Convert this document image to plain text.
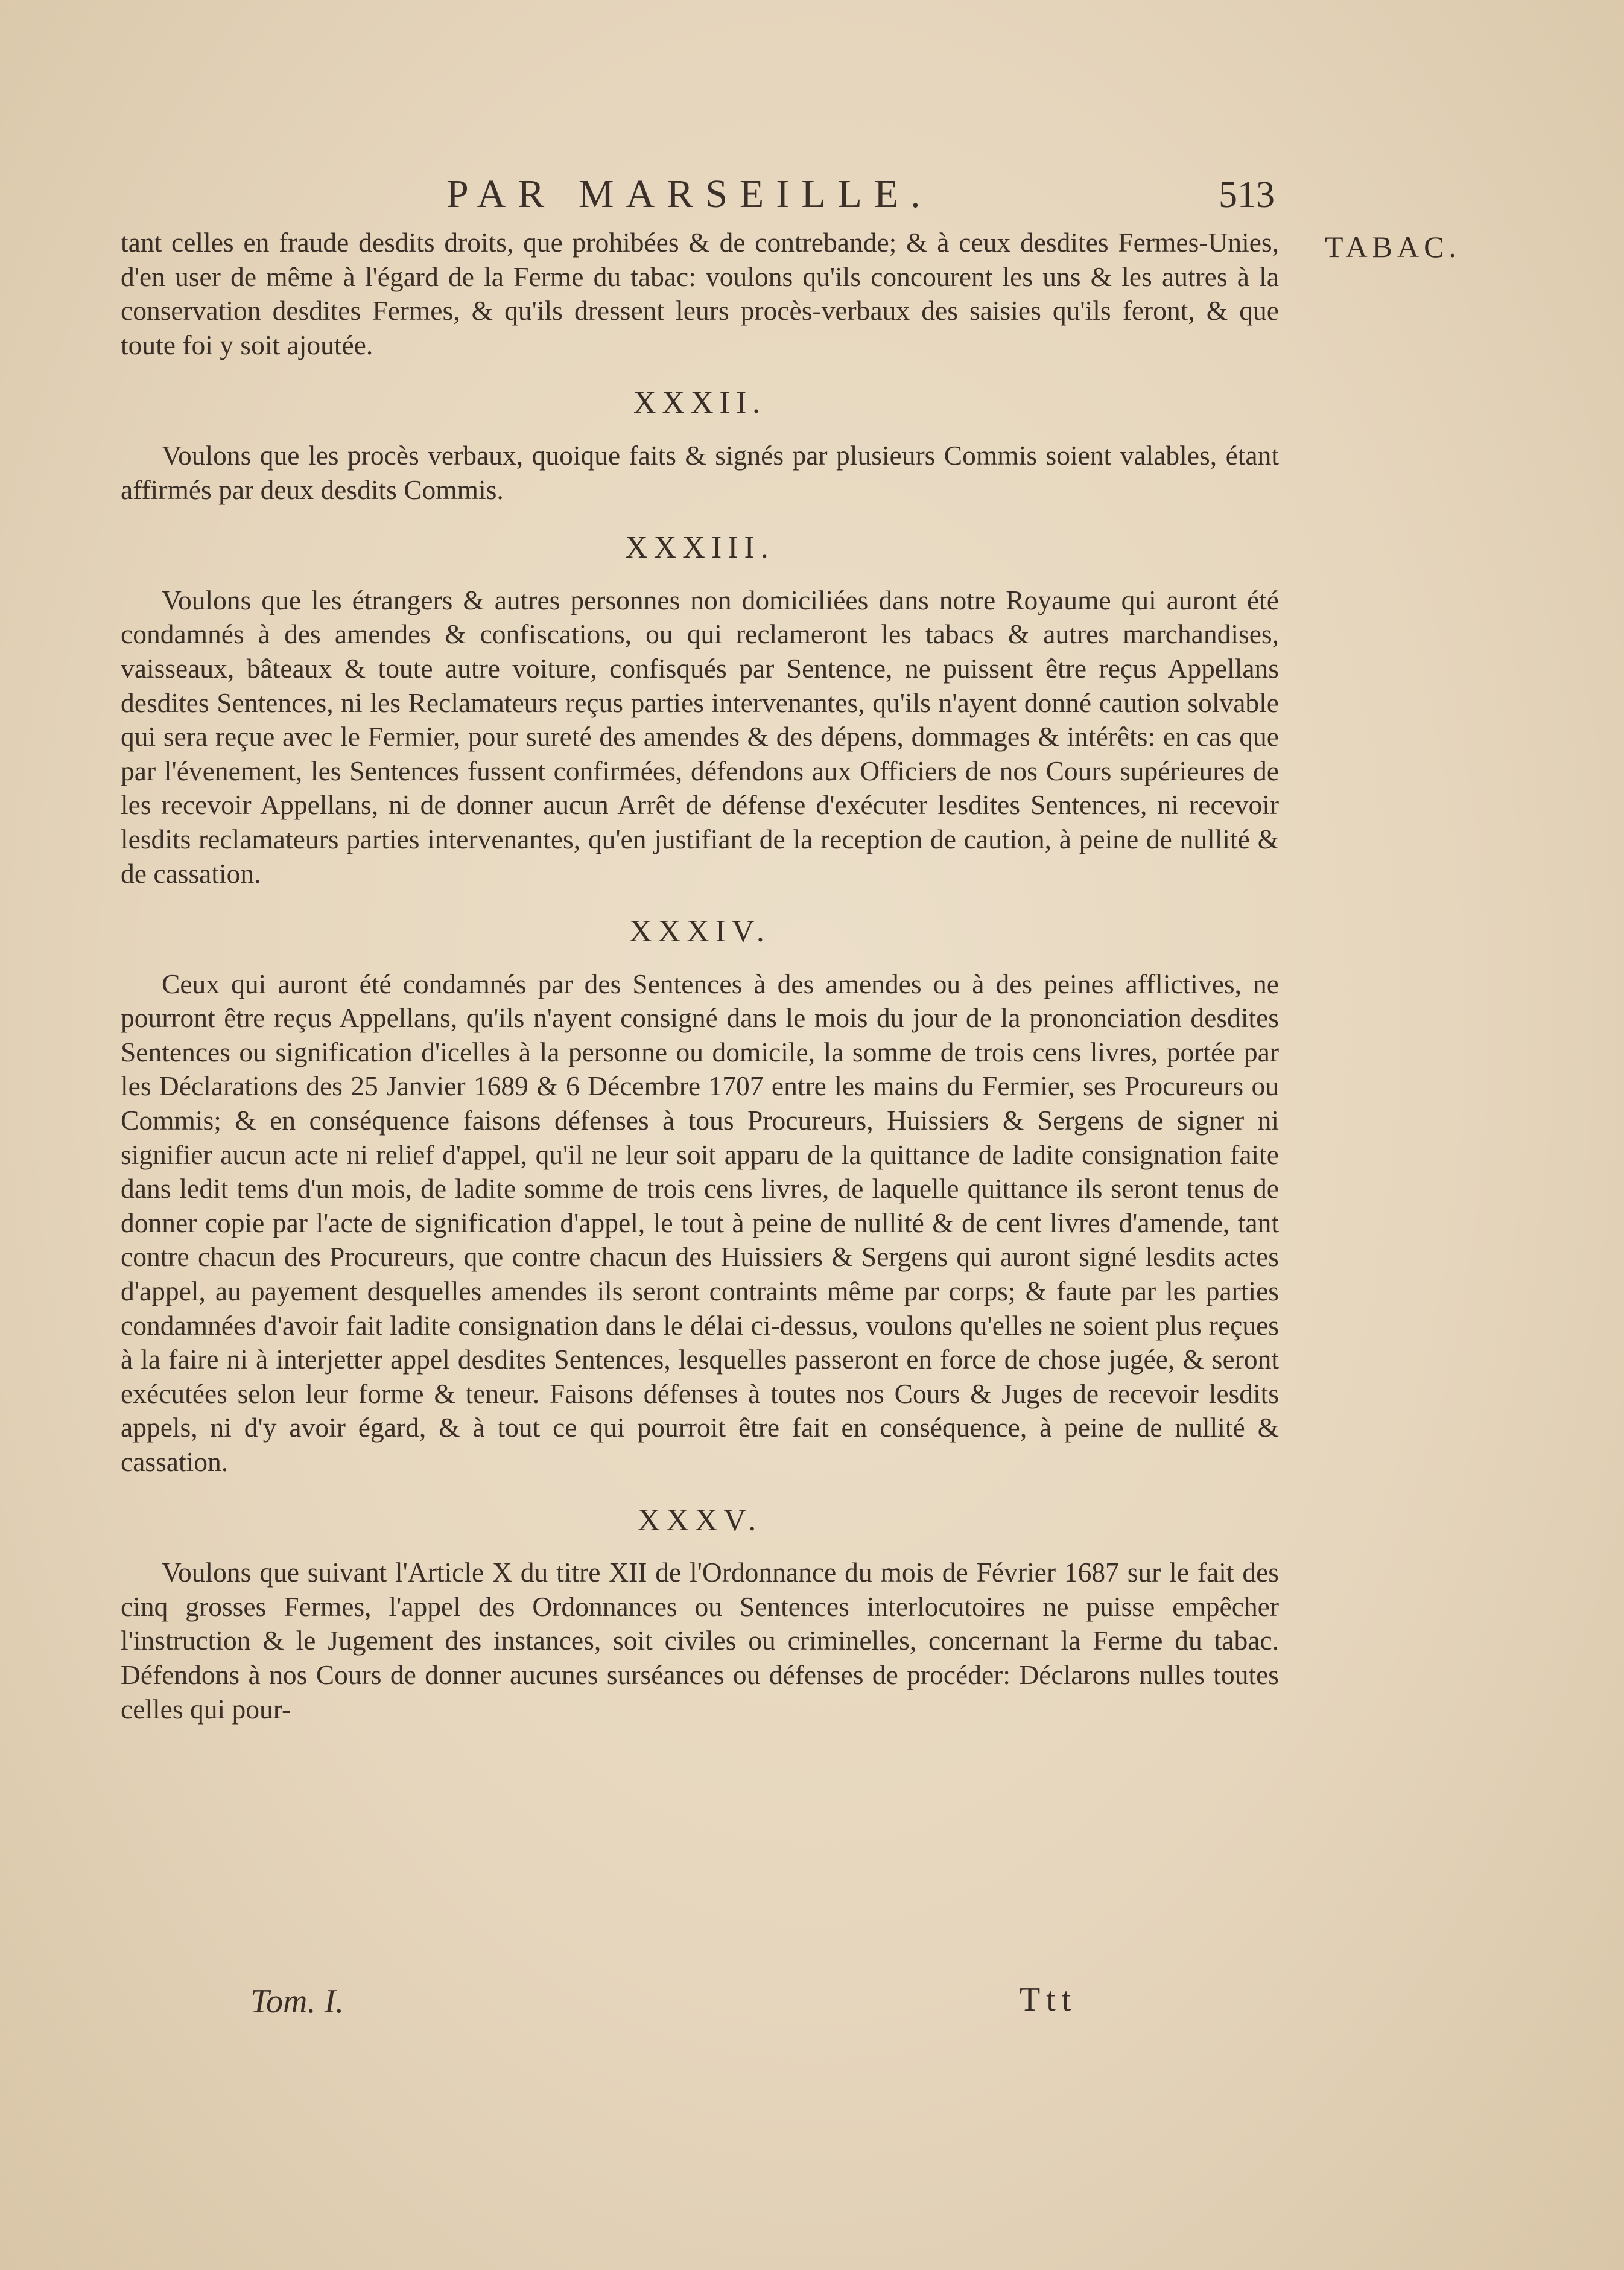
PAR MARSEILLE.	513
TABAC.

tant celles en fraude desdits droits, que prohibées & de contrebande; & à ceux desdites Fermes-Unies, d'en user de même à l'égard de la Ferme du tabac: voulons qu'ils concourent les uns & les autres à la conservation desdites Fermes, & qu'ils dressent leurs procès-verbaux des saisies qu'ils feront, & que toute foi y soit ajoutée.

XXXII.

Voulons que les procès verbaux, quoique faits & signés par plusieurs Commis soient valables, étant affirmés par deux desdits Commis.

XXXIII.

Voulons que les étrangers & autres personnes non domiciliées dans notre Royaume qui auront été condamnés à des amendes & confiscations, ou qui reclameront les tabacs & autres marchandises, vaisseaux, bâteaux & toute autre voiture, confisqués par Sentence, ne puissent être reçus Appellans desdites Sentences, ni les Reclamateurs reçus parties intervenantes, qu'ils n'ayent donné caution solvable qui sera reçue avec le Fermier, pour sureté des amendes & des dépens, dommages & intérêts: en cas que par l'évenement, les Sentences fussent confirmées, défendons aux Officiers de nos Cours supérieures de les recevoir Appellans, ni de donner aucun Arrêt de défense d'exécuter lesdites Sentences, ni recevoir lesdits reclamateurs parties intervenantes, qu'en justifiant de la reception de caution, à peine de nullité & de cassation.

XXXIV.

Ceux qui auront été condamnés par des Sentences à des amendes ou à des peines afflictives, ne pourront être reçus Appellans, qu'ils n'ayent consigné dans le mois du jour de la prononciation desdites Sentences ou signification d'icelles à la personne ou domicile, la somme de trois cens livres, portée par les Déclarations des 25 Janvier 1689 & 6 Décembre 1707 entre les mains du Fermier, ses Procureurs ou Commis; & en conséquence faisons défenses à tous Procureurs, Huissiers & Sergens de signer ni signifier aucun acte ni relief d'appel, qu'il ne leur soit apparu de la quittance de ladite consignation faite dans ledit tems d'un mois, de ladite somme de trois cens livres, de laquelle quittance ils seront tenus de donner copie par l'acte de signification d'appel, le tout à peine de nullité & de cent livres d'amende, tant contre chacun des Procureurs, que contre chacun des Huissiers & Sergens qui auront signé lesdits actes d'appel, au payement desquelles amendes ils seront contraints même par corps; & faute par les parties condamnées d'avoir fait ladite consignation dans le délai ci-dessus, voulons qu'elles ne soient plus reçues à la faire ni à interjetter appel desdites Sentences, lesquelles passeront en force de chose jugée, & seront exécutées selon leur forme & teneur. Faisons défenses à toutes nos Cours & Juges de recevoir lesdits appels, ni d'y avoir égard, & à tout ce qui pourroit être fait en conséquence, à peine de nullité & cassation.

XXXV.

Voulons que suivant l'Article X du titre XII de l'Ordonnance du mois de Février 1687 sur le fait des cinq grosses Fermes, l'appel des Ordonnances ou Sentences interlocutoires ne puisse empêcher l'instruction & le Jugement des instances, soit civiles ou criminelles, concernant la Ferme du tabac. Défendons à nos Cours de donner aucunes surséances ou défenses de procéder: Déclarons nulles toutes celles qui pour-

Tom. I.	Ttt
